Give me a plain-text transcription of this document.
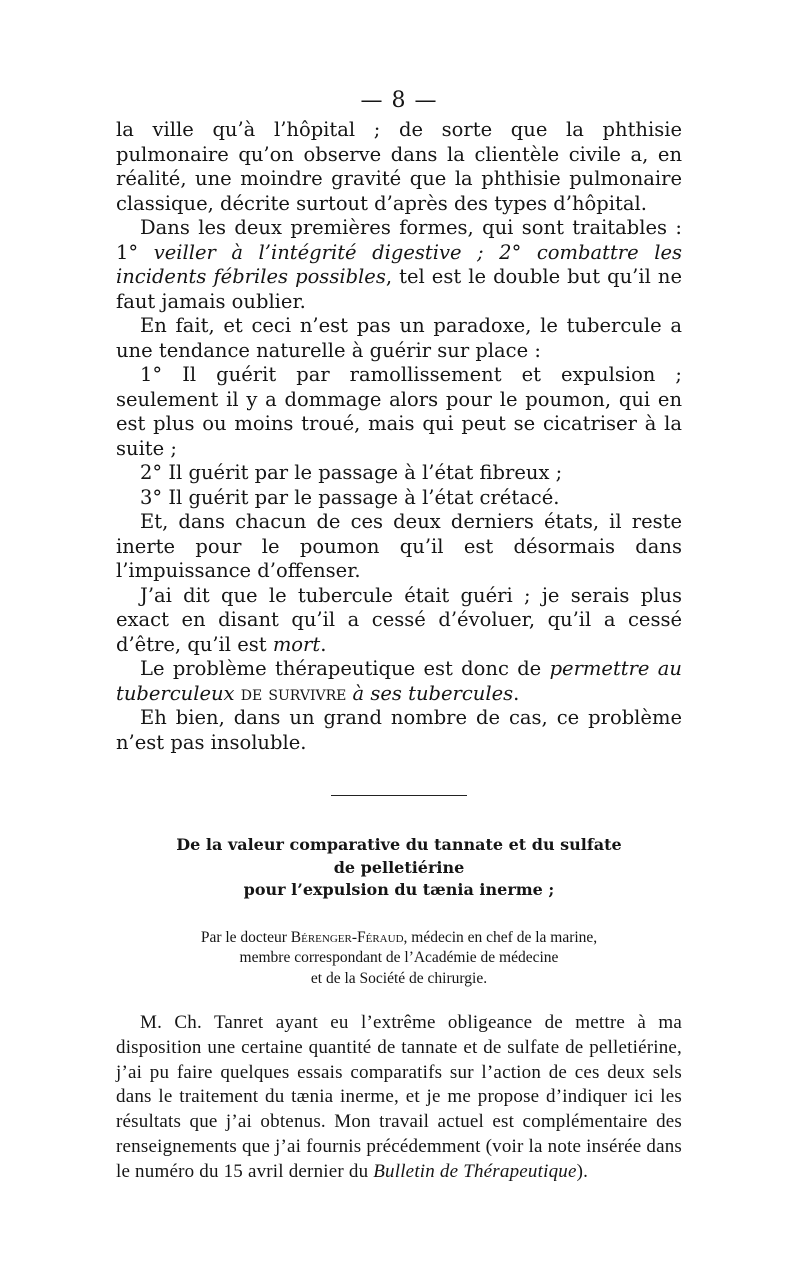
— 8 —

la ville qu’à l’hôpital ; de sorte que la phthisie pulmonaire qu’on observe dans la clientèle civile a, en réalité, une moindre gravité que la phthisie pulmonaire classique, décrite surtout d’après des types d’hôpital.

Dans les deux premières formes, qui sont traitables : 1° veiller à l’intégrité digestive ; 2° combattre les incidents fébriles possibles, tel est le double but qu’il ne faut jamais oublier.

En fait, et ceci n’est pas un paradoxe, le tubercule a une tendance naturelle à guérir sur place :

1° Il guérit par ramollissement et expulsion ; seulement il y a dommage alors pour le poumon, qui en est plus ou moins troué, mais qui peut se cicatriser à la suite ;

2° Il guérit par le passage à l’état fibreux ;

3° Il guérit par le passage à l’état crétacé.

Et, dans chacun de ces deux derniers états, il reste inerte pour le poumon qu’il est désormais dans l’impuissance d’offenser.

J’ai dit que le tubercule était guéri ; je serais plus exact en disant qu’il a cessé d’évoluer, qu’il a cessé d’être, qu’il est mort.

Le problème thérapeutique est donc de permettre au tuberculeux de survivre à ses tubercules.

Eh bien, dans un grand nombre de cas, ce problème n’est pas insoluble.

De la valeur comparative du tannate et du sulfate

de pelletiérine

pour l’expulsion du tænia inerme ;

Par le docteur Bérenger-Féraud, médecin en chef de la marine,
membre correspondant de l’Académie de médecine
et de la Société de chirurgie.

M. Ch. Tanret ayant eu l’extrême obligeance de mettre à ma disposition une certaine quantité de tannate et de sulfate de pelletiérine, j’ai pu faire quelques essais comparatifs sur l’action de ces deux sels dans le traitement du tænia inerme, et je me propose d’indiquer ici les résultats que j’ai obtenus. Mon travail actuel est complémentaire des renseignements que j’ai fournis précédemment (voir la note insérée dans le numéro du 15 avril dernier du Bulletin de Thérapeutique).
